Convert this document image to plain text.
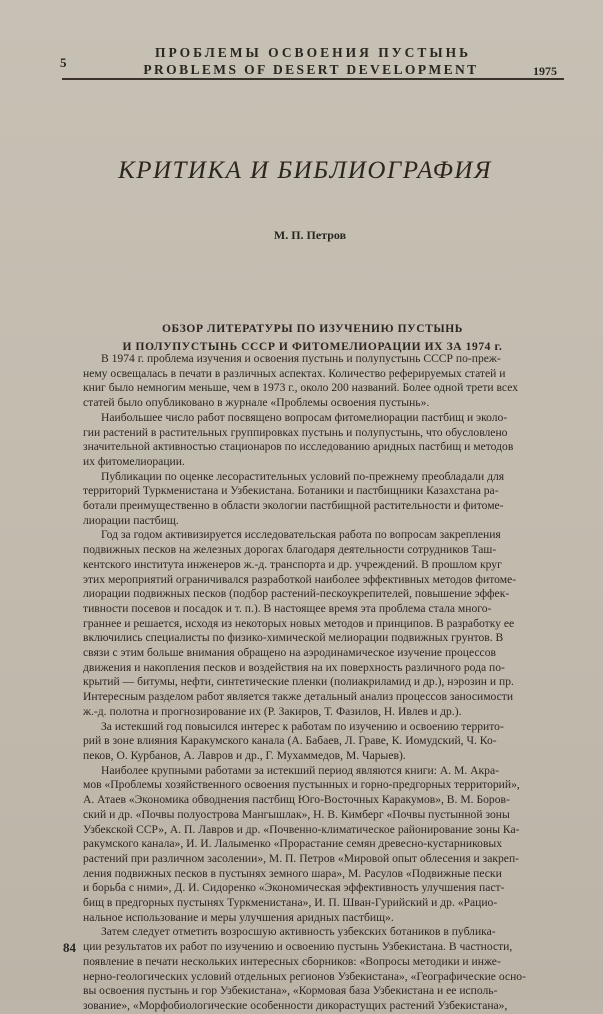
5
ПРОБЛЕМЫ ОСВОЕНИЯ ПУСТЫНЬ
PROBLEMS OF DESERT DEVELOPMENT	1975
КРИТИКА И БИБЛИОГРАФИЯ
М. П. Петров
ОБЗОР ЛИТЕРАТУРЫ ПО ИЗУЧЕНИЮ ПУСТЫНЬ
И ПОЛУПУСТЫНЬ СССР И ФИТОМЕЛИОРАЦИИ ИХ ЗА 1974 г.
В 1974 г. проблема изучения и освоения пустынь и полупустынь СССР по-преж-
нему освещалась в печати в различных аспектах. Количество реферируемых статей и
книг было немногим меньше, чем в 1973 г., около 200 названий. Более одной трети всех
статей было опубликовано в журнале «Проблемы освоения пустынь».
Наибольшее число работ посвящено вопросам фитомелиорации пастбищ и эколо-
гии растений в растительных группировках пустынь и полупустынь, что обусловлено
значительной активностью стационаров по исследованию аридных пастбищ и методов
их фитомелиорации.
Публикации по оценке лесорастительных условий по-прежнему преобладали для
территорий Туркменистана и Узбекистана. Ботаники и пастбищники Казахстана ра-
ботали преимущественно в области экологии пастбищной растительности и фитоме-
лиорации пастбищ.
Год за годом активизируется исследовательская работа по вопросам закрепления
подвижных песков на железных дорогах благодаря деятельности сотрудников Таш-
кентского института инженеров ж.-д. транспорта и др. учреждений. В прошлом круг
этих мероприятий ограничивался разработкой наиболее эффективных методов фитоме-
лиорации подвижных песков (подбор растений-пескоукрепителей, повышение эффек-
тивности посевов и посадок и т. п.). В настоящее время эта проблема стала много-
граннее и решается, исходя из некоторых новых методов и принципов. В разработку ее
включились специалисты по физико-химической мелиорации подвижных грунтов. В
связи с этим больше внимания обращено на аэродинамическое изучение процессов
движения и накопления песков и воздействия на их поверхность различного рода по-
крытий — битумы, нефти, синтетические пленки (полиакриламид и др.), нэрозин и пр.
Интересным разделом работ является также детальный анализ процессов заносимости
ж.-д. полотна и прогнозирование их (Р. Закиров, Т. Фазилов, Н. Ивлев и др.).
За истекший год повысился интерес к работам по изучению и освоению террито-
рий в зоне влияния Каракумского канала (А. Бабаев, Л. Граве, К. Иомудский, Ч. Ко-
пеков, О. Курбанов, А. Лавров и др., Г. Мухаммедов, М. Чарыев).
Наиболее крупными работами за истекший период являются книги: А. М. Акра-
мов «Проблемы хозяйственного освоения пустынных и горно-предгорных территорий»,
А. Атаев «Экономика обводнения пастбищ Юго-Восточных Каракумов», В. М. Боров-
ский и др. «Почвы полуострова Мангышлак», Н. В. Кимберг «Почвы пустынной зоны
Узбекской ССР», А. П. Лавров и др. «Почвенно-климатическое районирование зоны Ка-
ракумского канала», И. И. Лалыменко «Прорастание семян древесно-кустарниковых
растений при различном засолении», М. П. Петров «Мировой опыт облесения и закреп-
ления подвижных песков в пустынях земного шара», М. Расулов «Подвижные пески
и борьба с ними», Д. И. Сидоренко «Экономическая эффективность улучшения паст-
бищ в предгорных пустынях Туркменистана», И. П. Шван-Гурийский и др. «Рацио-
нальное использование и меры улучшения аридных пастбищ».
Затем следует отметить возросшую активность узбекских ботаников в публика-
ции результатов их работ по изучению и освоению пустынь Узбекистана. В частности,
появление в печати нескольких интересных сборников: «Вопросы методики и инже-
нерно-геологических условий отдельных регионов Узбекистана», «Географические осно-
вы освоения пустынь и гор Узбекистана», «Кормовая база Узбекистана и ее исполь-
зование», «Морфобиологические особенности дикорастущих растений Узбекистана»,
84
